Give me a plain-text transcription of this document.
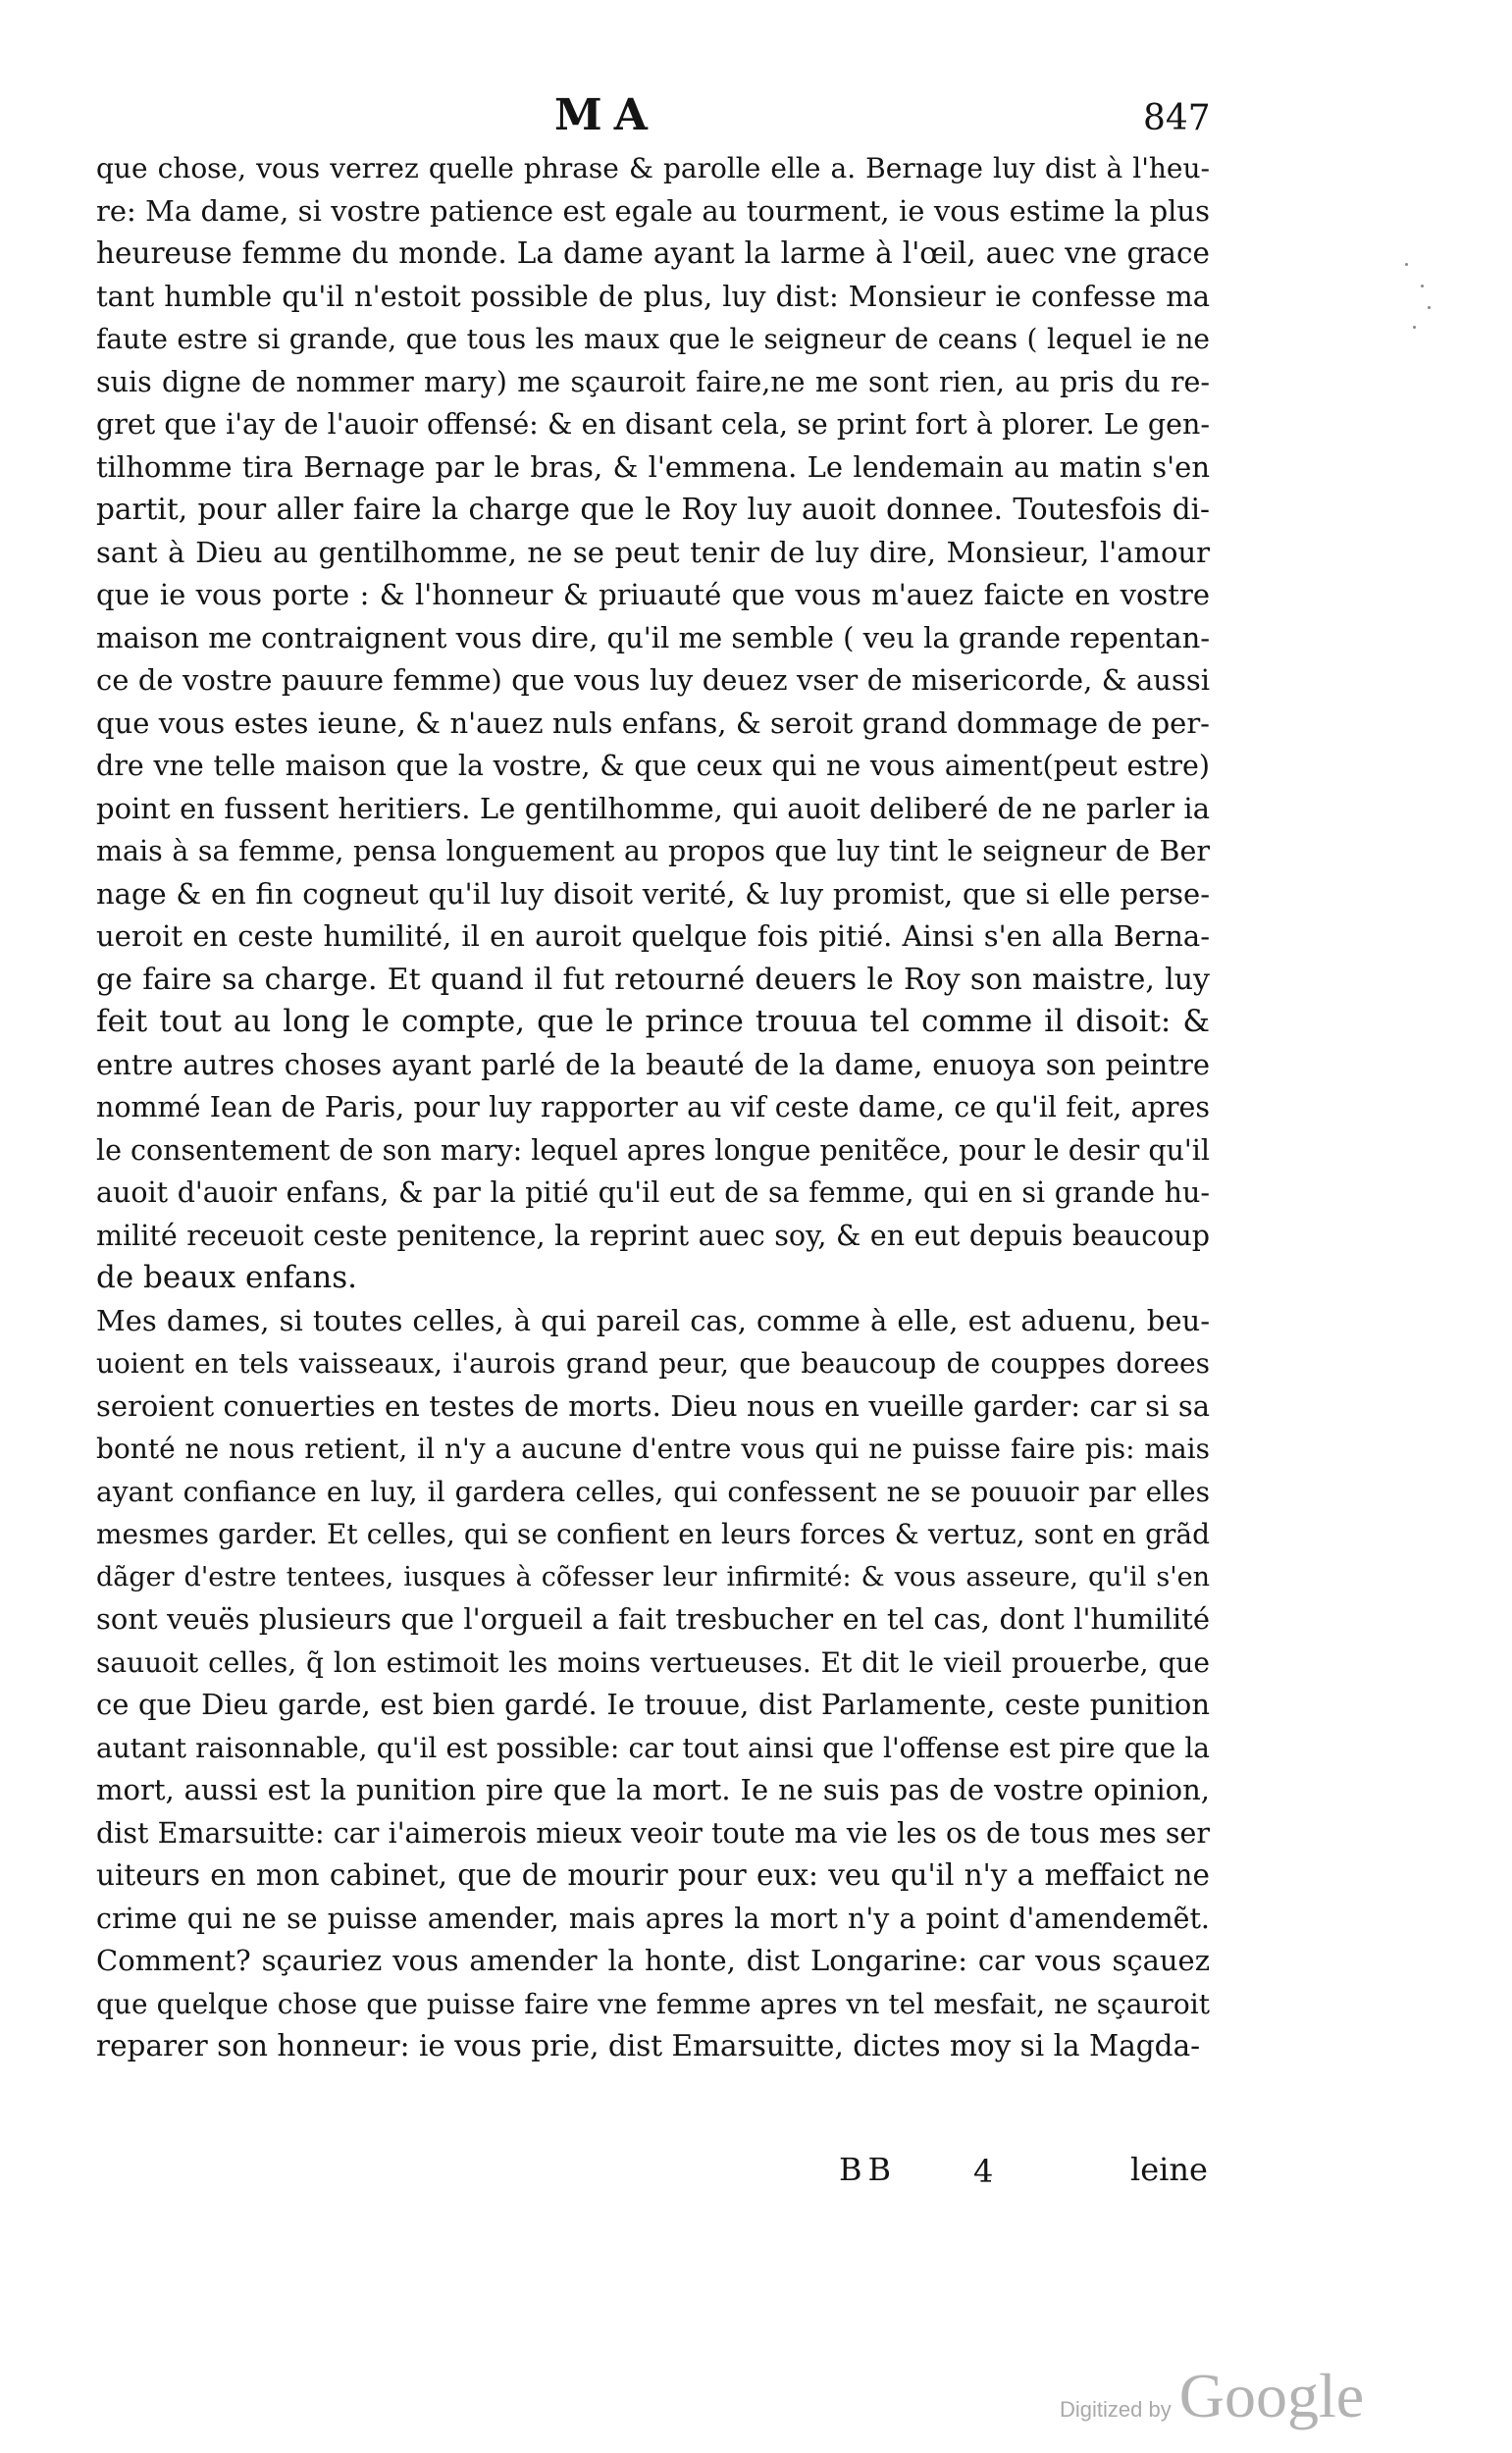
MA	847
que chose, vous verrez quelle phrase & parolle elle a. Bernage luy dist à l'heu-
re: Ma dame, si vostre patience est egale au tourment, ie vous estime la plus
heureuse femme du monde. La dame ayant la larme à l'œil, auec vne grace
tant humble qu'il n'estoit possible de plus, luy dist: Monsieur ie confesse ma
faute estre si grande, que tous les maux que le seigneur de ceans ( lequel ie ne
suis digne de nommer mary) me sçauroit faire,ne me sont rien, au pris du re-
gret que i'ay de l'auoir offensé: & en disant cela, se print fort à plorer. Le gen-
tilhomme tira Bernage par le bras, & l'emmena. Le lendemain au matin s'en
partit, pour aller faire la charge que le Roy luy auoit donnee. Toutesfois di-
sant à Dieu au gentilhomme, ne se peut tenir de luy dire, Monsieur, l'amour
que ie vous porte : & l'honneur & priuauté que vous m'auez faicte en vostre
maison me contraignent vous dire, qu'il me semble ( veu la grande repentan-
ce de vostre pauure femme) que vous luy deuez vser de misericorde, & aussi
que vous estes ieune, & n'auez nuls enfans, & seroit grand dommage de per-
dre vne telle maison que la vostre, & que ceux qui ne vous aiment(peut estre)
point en fussent heritiers. Le gentilhomme, qui auoit deliberé de ne parler ia
mais à sa femme, pensa longuement au propos que luy tint le seigneur de Ber
nage & en fin cogneut qu'il luy disoit verité, & luy promist, que si elle perse-
ueroit en ceste humilité, il en auroit quelque fois pitié. Ainsi s'en alla Berna-
ge faire sa charge. Et quand il fut retourné deuers le Roy son maistre, luy
feit tout au long le compte, que le prince trouua tel comme il disoit: &
entre autres choses ayant parlé de la beauté de la dame, enuoya son peintre
nommé Iean de Paris, pour luy rapporter au vif ceste dame, ce qu'il feit, apres
le consentement de son mary: lequel apres longue penitẽce, pour le desir qu'il
auoit d'auoir enfans, & par la pitié qu'il eut de sa femme, qui en si grande hu-
milité receuoit ceste penitence, la reprint auec soy, & en eut depuis beaucoup
de beaux enfans.
Mes dames, si toutes celles, à qui pareil cas, comme à elle, est aduenu, beu-
uoient en tels vaisseaux, i'aurois grand peur, que beaucoup de couppes dorees
seroient conuerties en testes de morts. Dieu nous en vueille garder: car si sa
bonté ne nous retient, il n'y a aucune d'entre vous qui ne puisse faire pis: mais
ayant confiance en luy, il gardera celles, qui confessent ne se pouuoir par elles
mesmes garder. Et celles, qui se confient en leurs forces & vertuz, sont en grãd
dãger d'estre tentees, iusques à cõfesser leur infirmité: & vous asseure, qu'il s'en
sont veuës plusieurs que l'orgueil a fait tresbucher en tel cas, dont l'humilité
sauuoit celles, q̃ lon estimoit les moins vertueuses. Et dit le vieil prouerbe, que
ce que Dieu garde, est bien gardé. Ie trouue, dist Parlamente, ceste punition
autant raisonnable, qu'il est possible: car tout ainsi que l'offense est pire que la
mort, aussi est la punition pire que la mort. Ie ne suis pas de vostre opinion,
dist Emarsuitte: car i'aimerois mieux veoir toute ma vie les os de tous mes ser
uiteurs en mon cabinet, que de mourir pour eux: veu qu'il n'y a meffaict ne
crime qui ne se puisse amender, mais apres la mort n'y a point d'amendemẽt.
Comment? sçauriez vous amender la honte, dist Longarine: car vous sçauez
que quelque chose que puisse faire vne femme apres vn tel mesfait, ne sçauroit
reparer son honneur: ie vous prie, dist Emarsuitte, dictes moy si la Magda-
BB 4	leine
Digitized by Google
